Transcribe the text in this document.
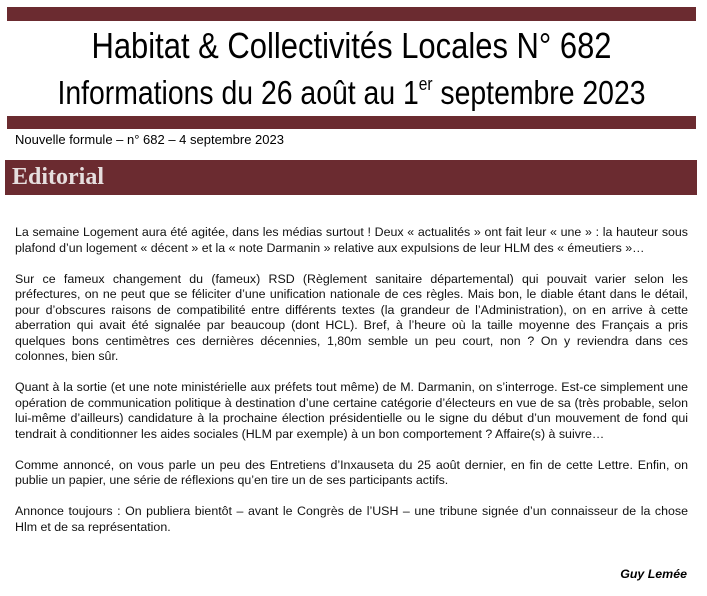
Habitat & Collectivités Locales N° 682
Informations du 26 août au 1er septembre 2023
Nouvelle formule – n° 682 – 4 septembre 2023
Editorial

La semaine Logement aura été agitée, dans les médias surtout ! Deux « actualités » ont fait leur « une » : la hauteur sous plafond d’un logement « décent » et la « note Darmanin » relative aux expulsions de leur HLM des « émeutiers »…

Sur ce fameux changement du (fameux) RSD (Règlement sanitaire départemental) qui pouvait varier selon les préfectures, on ne peut que se féliciter d’une unification nationale de ces règles. Mais bon, le diable étant dans le détail, pour d’obscures raisons de compatibilité entre différents textes (la grandeur de l’Administration), on en arrive à cette aberration qui avait été signalée par beaucoup (dont HCL). Bref, à l’heure où la taille moyenne des Français a pris quelques bons centimètres ces dernières décennies, 1,80m semble un peu court, non ? On y reviendra dans ces colonnes, bien sûr.

Quant à la sortie (et une note ministérielle aux préfets tout même) de M. Darmanin, on s’interroge. Est-ce simplement une opération de communication politique à destination d’une certaine catégorie d’électeurs en vue de sa (très probable, selon lui-même d’ailleurs) candidature à la prochaine élection présidentielle ou le signe du début d’un mouvement de fond qui tendrait à conditionner les aides sociales (HLM par exemple) à un bon comportement ? Affaire(s) à suivre…

Comme annoncé, on vous parle un peu des Entretiens d’Inxauseta du 25 août dernier, en fin de cette Lettre. Enfin, on publie un papier, une série de réflexions qu’en tire un de ses participants actifs.

Annonce toujours : On publiera bientôt – avant le Congrès de l’USH – une tribune signée d’un connaisseur de la chose Hlm et de sa représentation.

Guy Lemée
